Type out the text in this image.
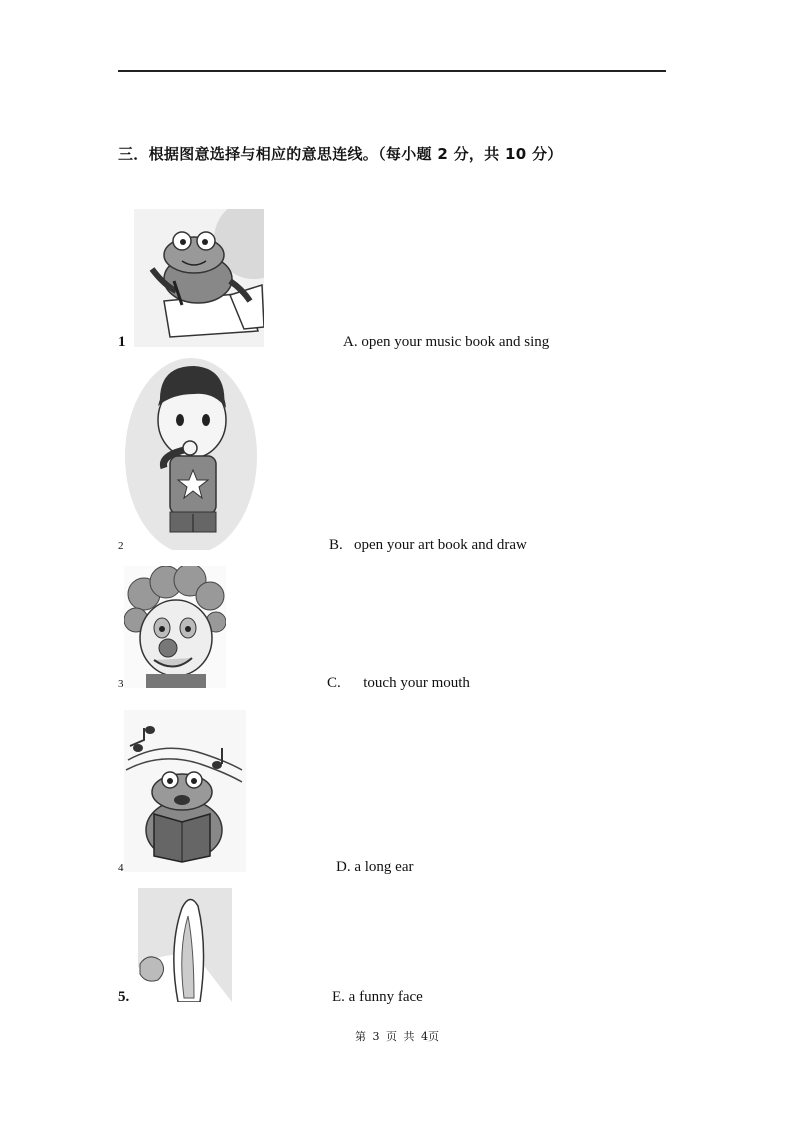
三．根据图意选择与相应的意思连线。（每小题 2 分，共 10 分）
1	A. open your music book and sing
2	B. open your art book and draw
3	C. touch your mouth
4	D. a long ear
5.	E. a funny face
第 3 页 共 4页
